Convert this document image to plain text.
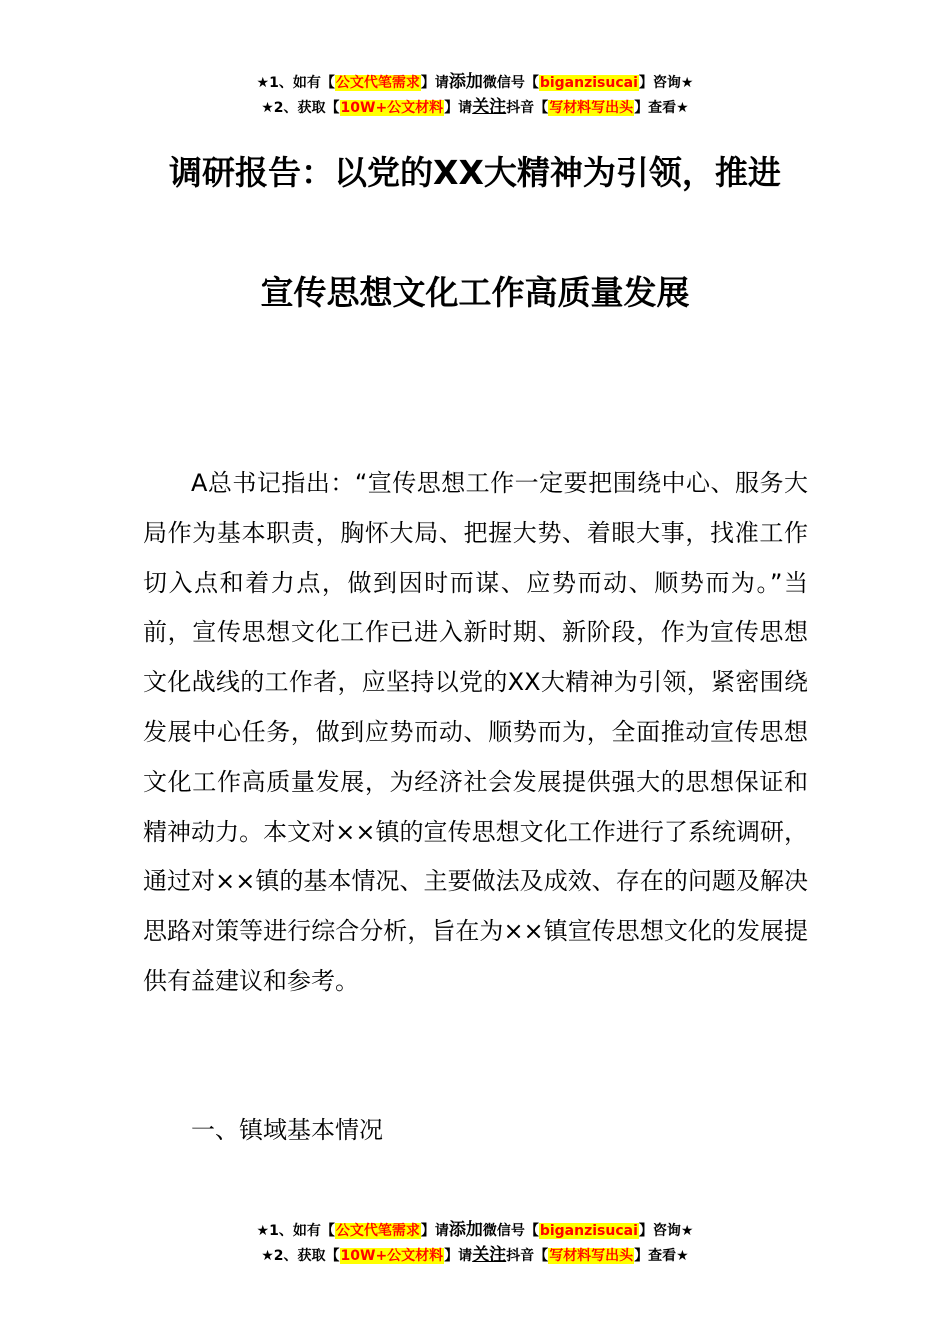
★1、如有【公文代笔需求】请添加微信号【biganzisucai】咨询★
★2、获取【10W+公文材料】请关注抖音【写材料写出头】查看★
调研报告：以党的XX大精神为引领，推进
宣传思想文化工作高质量发展

A总书记指出：“宣传思想工作一定要把围绕中心、服务大局作为基本职责，胸怀大局、把握大势、着眼大事，找准工作切入点和着力点，做到因时而谋、应势而动、顺势而为。”当前，宣传思想文化工作已进入新时期、新阶段，作为宣传思想文化战线的工作者，应坚持以党的XX大精神为引领，紧密围绕发展中心任务，做到应势而动、顺势而为，全面推动宣传思想文化工作高质量发展，为经济社会发展提供强大的思想保证和精神动力。本文对××镇的宣传思想文化工作进行了系统调研，通过对××镇的基本情况、主要做法及成效、存在的问题及解决思路对策等进行综合分析，旨在为××镇宣传思想文化的发展提供有益建议和参考。

一、镇域基本情况

★1、如有【公文代笔需求】请添加微信号【biganzisucai】咨询★
★2、获取【10W+公文材料】请关注抖音【写材料写出头】查看★
